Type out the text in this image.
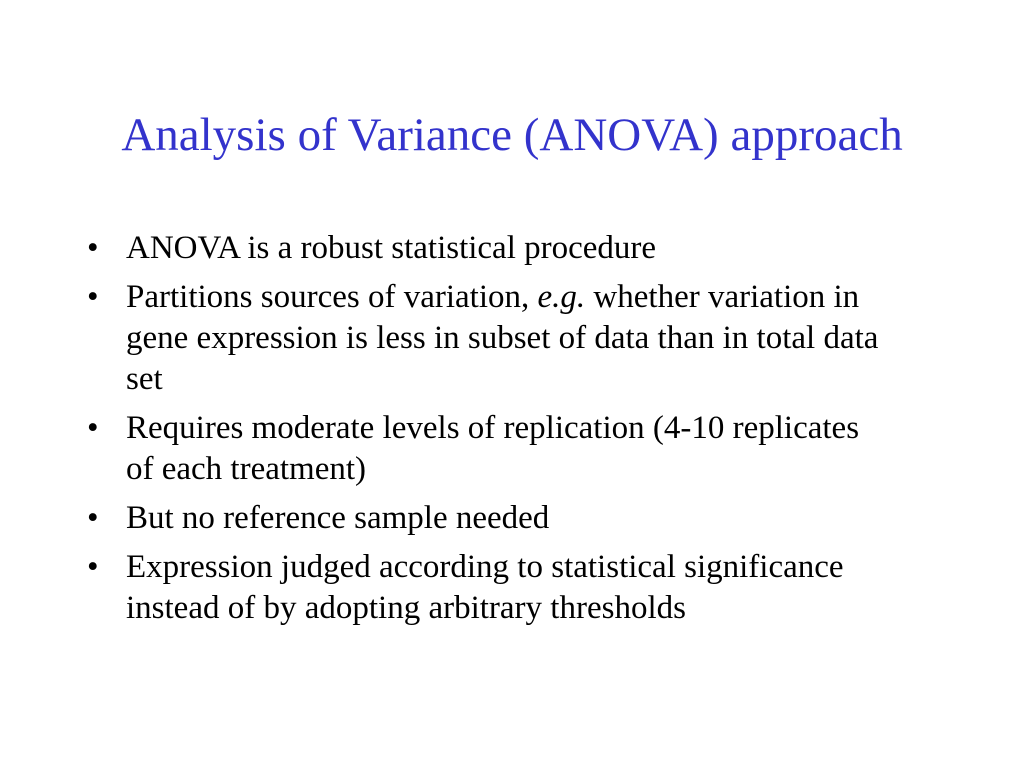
Analysis of Variance (ANOVA) approach
• ANOVA is a robust statistical procedure
• Partitions sources of variation, e.g. whether variation in gene expression is less in subset of data than in total data set
• Requires moderate levels of replication (4-10 replicates of each treatment)
• But no reference sample needed
• Expression judged according to statistical significance instead of by adopting arbitrary thresholds
